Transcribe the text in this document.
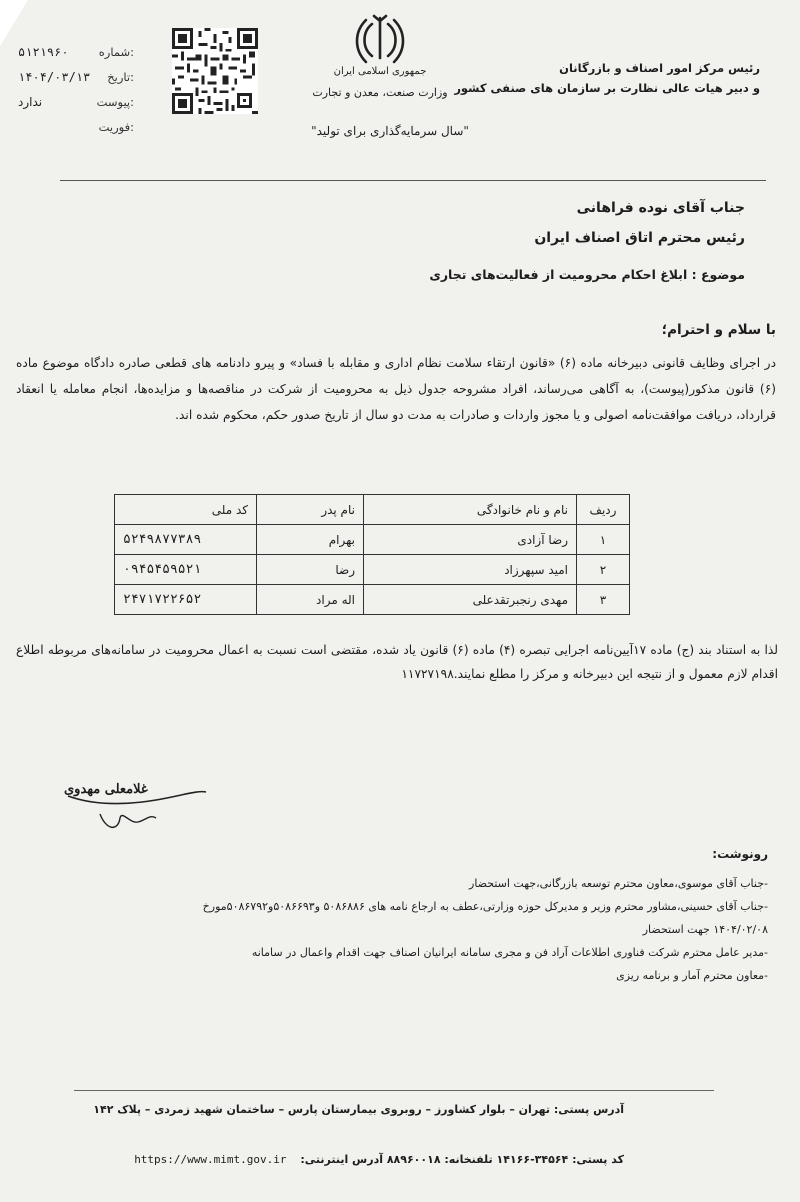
۵۱۲۱۹۶۰	شماره:
۱۴۰۴/۰۳/۱۳ تاریخ:
ندارد	پیوست:
فوریت:
جمهوری اسلامی ایران
وزارت صنعت، معدن و تجارت
"سال سرمایه‌گذاری برای تولید"
رئیس مرکز امور اصناف و بازرگانان
و دبیر هیات عالی نظارت بر سازمان های صنفی کشور
جناب آقای نوده فراهانی
رئیس محترم اتاق اصناف ایران
موضوع : ابلاغ احکام محرومیت از فعالیت‌های تجاری
با سلام و احترام؛
در اجرای وظایف قانونی دبیرخانه ماده (۶) «قانون ارتقاء سلامت نظام اداری و مقابله با فساد» و پیرو دادنامه های قطعی صادره دادگاه موضوع ماده (۶) قانون مذکور(پیوست)، به آگاهی می‌رساند، افراد مشروحه جدول ذیل به محرومیت از شرکت در مناقصه‌ها و مزایده‌ها، انجام معامله یا انعقاد قرارداد، دریافت موافقت‌نامه اصولی و یا مجوز واردات و صادرات به مدت دو سال از تاریخ صدور حکم، محکوم شده اند.
ردیف	نام و نام خانوادگی	نام پدر	کد ملی
۱	رضا آزادی	بهرام	۵۲۴۹۸۷۷۳۸۹
۲	امید سپهرزاد	رضا	۰۹۴۵۴۵۹۵۲۱
۳	مهدی رنجبرتقدعلی	اله مراد	۲۴۷۱۷۲۲۶۵۲
لذا به استناد بند (ج) ماده ۱۷آیین‌نامه اجرایی تبصره (۴) ماده (۶) قانون یاد شده، مقتضی است نسبت به اعمال محرومیت در سامانه‌های مربوطه اطلاع اقدام لازم معمول و از نتیجه این دبیرخانه و مرکز را مطلع نمایند.۱۱۷۲۷۱۹۸
غلامعلی مهدوی
رونوشت:
-جناب آقای موسوی،معاون محترم توسعه بازرگانی،جهت استحضار
-جناب آقای حسینی،مشاور محترم وزیر و مدیرکل حوزه وزارتی،عطف به ارجاع نامه های ۵۰۸۶۸۸۶ و۵۰۸۶۶۹۳و۵۰۸۶۷۹۲مورخ
۱۴۰۴/۰۲/۰۸ جهت استحضار
-مدیر عامل محترم شرکت فناوری اطلاعات آراد فن و مجری سامانه ایرانیان اصناف جهت اقدام واعمال در سامانه
-معاون محترم آمار و برنامه ریزی
آدرس پستی: تهران – بلوار کشاورز – روبروی بیمارستان پارس – ساختمان شهید زمردی – پلاک ۱۴۲
کد پستی: ۳۴۵۶۴-۱۴۱۶۶ تلفنخانه: ۸۸۹۶۰۰۱۸ آدرس اینترنتی: https://www.mimt.gov.ir
